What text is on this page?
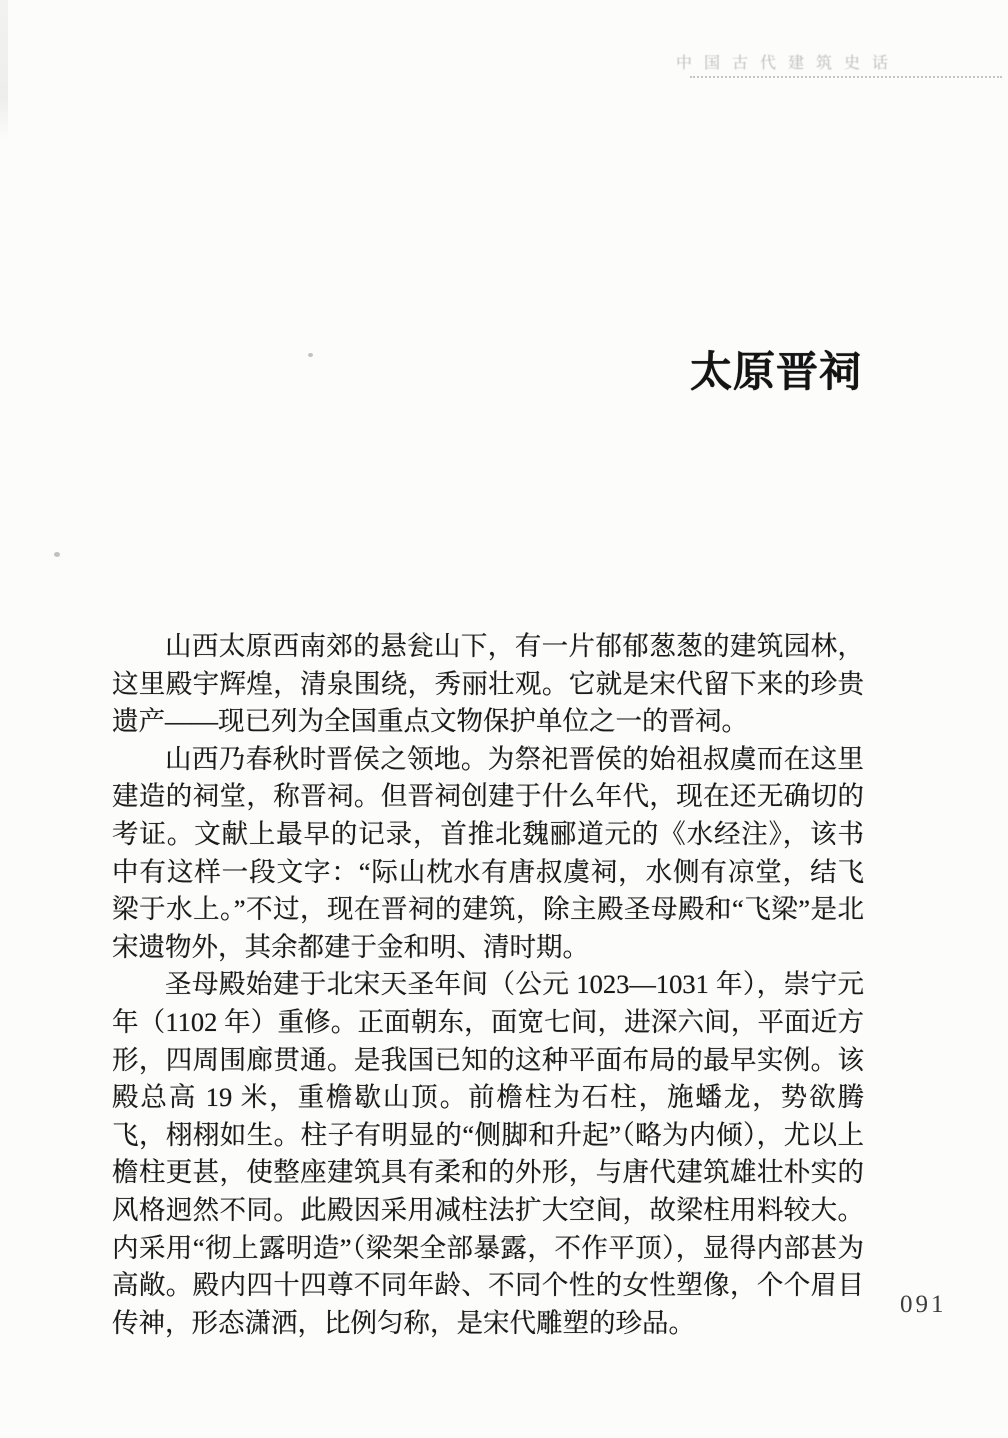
中国古代建筑史话
太原晋祠

山西太原西南郊的悬瓮山下，有一片郁郁葱葱的建筑园林，这里殿宇辉煌，清泉围绕，秀丽壮观。它就是宋代留下来的珍贵遗产——现已列为全国重点文物保护单位之一的晋祠。

山西乃春秋时晋侯之领地。为祭祀晋侯的始祖叔虞而在这里建造的祠堂，称晋祠。但晋祠创建于什么年代，现在还无确切的考证。文献上最早的记录，首推北魏郦道元的《水经注》，该书中有这样一段文字：“际山枕水有唐叔虞祠，水侧有凉堂，结飞梁于水上。”不过，现在晋祠的建筑，除主殿圣母殿和“飞梁”是北宋遗物外，其余都建于金和明、清时期。

圣母殿始建于北宋天圣年间（公元 1023—1031 年），崇宁元年（1102 年）重修。正面朝东，面宽七间，进深六间，平面近方形，四周围廊贯通。是我国已知的这种平面布局的最早实例。该殿总高 19 米，重檐歇山顶。前檐柱为石柱，施蟠龙，势欲腾飞，栩栩如生。柱子有明显的“侧脚和升起”（略为内倾），尤以上檐柱更甚，使整座建筑具有柔和的外形，与唐代建筑雄壮朴实的风格迥然不同。此殿因采用减柱法扩大空间，故梁柱用料较大。内采用“彻上露明造”（梁架全部暴露，不作平顶），显得内部甚为高敞。殿内四十四尊不同年龄、不同个性的女性塑像，个个眉目传神，形态潇洒，比例匀称，是宋代雕塑的珍品。

091
